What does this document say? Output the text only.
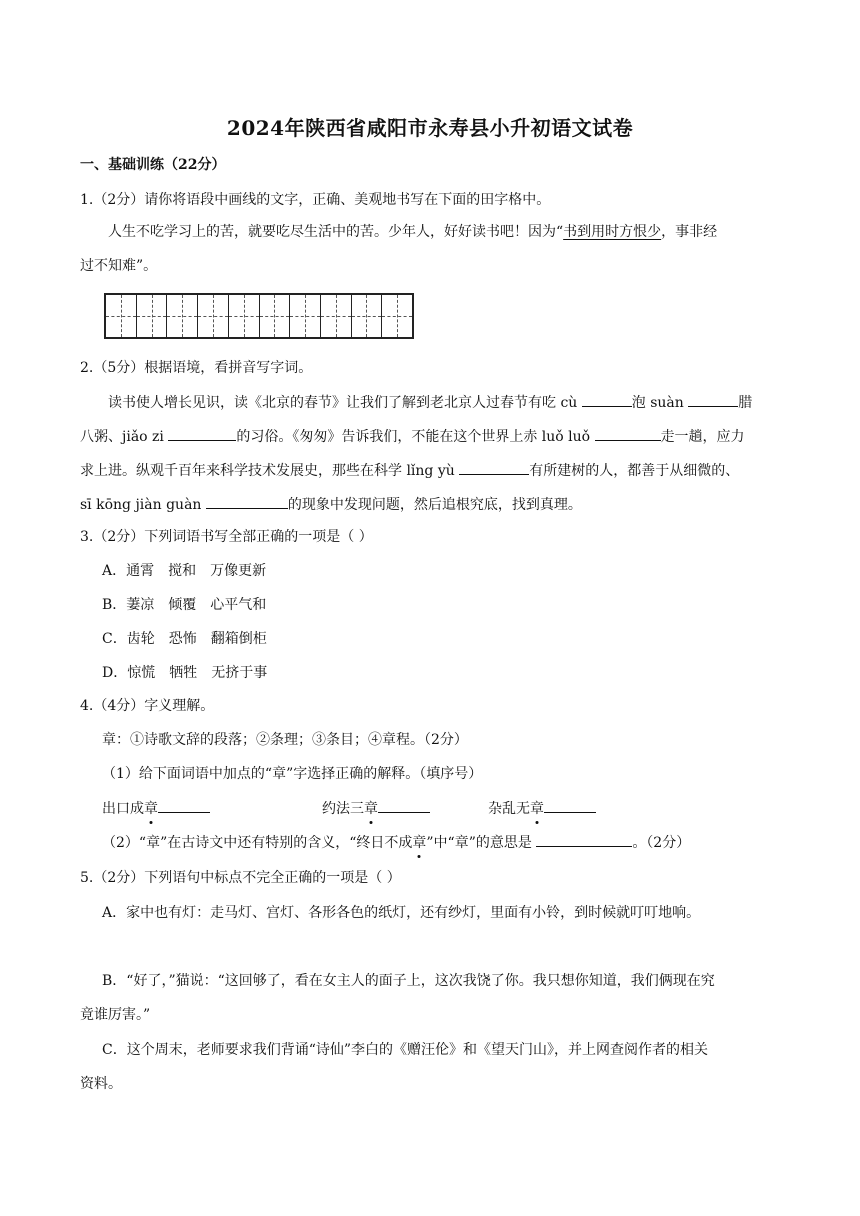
2024年陕西省咸阳市永寿县小升初语文试卷
一、基础训练（22分）
1.（2分）请你将语段中画线的文字，正确、美观地书写在下面的田字格中。
人生不吃学习上的苦，就要吃尽生活中的苦。少年人，好好读书吧！因为“书到用时方恨少，事非经
过不知难”。
2.（5分）根据语境，看拼音写字词。
读书使人增长见识，读《北京的春节》让我们了解到老北京人过春节有吃 cù	泡 suàn	腊
八粥、jiǎo zi	的习俗。《匆匆》告诉我们，不能在这个世界上赤 luǒ luǒ	走一趟，应力
求上进。纵观千百年来科学技术发展史，那些在科学 lǐng yù	有所建树的人，都善于从细微的、
sī kōng jiàn guàn	的现象中发现问题，然后追根究底，找到真理。
3.（2分）下列词语书写全部正确的一项是（ ）
A．通霄 搅和 万像更新
B．萋凉 倾覆 心平气和
C．齿轮 恐怖 翻箱倒柜
D．惊慌 牺牲 无挤于事
4.（4分）字义理解。
章：①诗歌文辞的段落；②条理；③条目；④章程。（2分）
（1）给下面词语中加点的“章”字选择正确的解释。（填序号）
出口成章	约法三章	杂乱无章
（2）“章”在古诗文中还有特别的含义，“终日不成章”中“章”的意思是	。（2分）
5.（2分）下列语句中标点不完全正确的一项是（ ）
A．家中也有灯：走马灯、宫灯、各形各色的纸灯，还有纱灯，里面有小铃，到时候就叮叮地响。
B．“好了，”猫说：“这回够了，看在女主人的面子上，这次我饶了你。我只想你知道，我们俩现在究
竟谁厉害。”
C．这个周末，老师要求我们背诵“诗仙”李白的《赠汪伦》和《望天门山》，并上网查阅作者的相关
资料。
